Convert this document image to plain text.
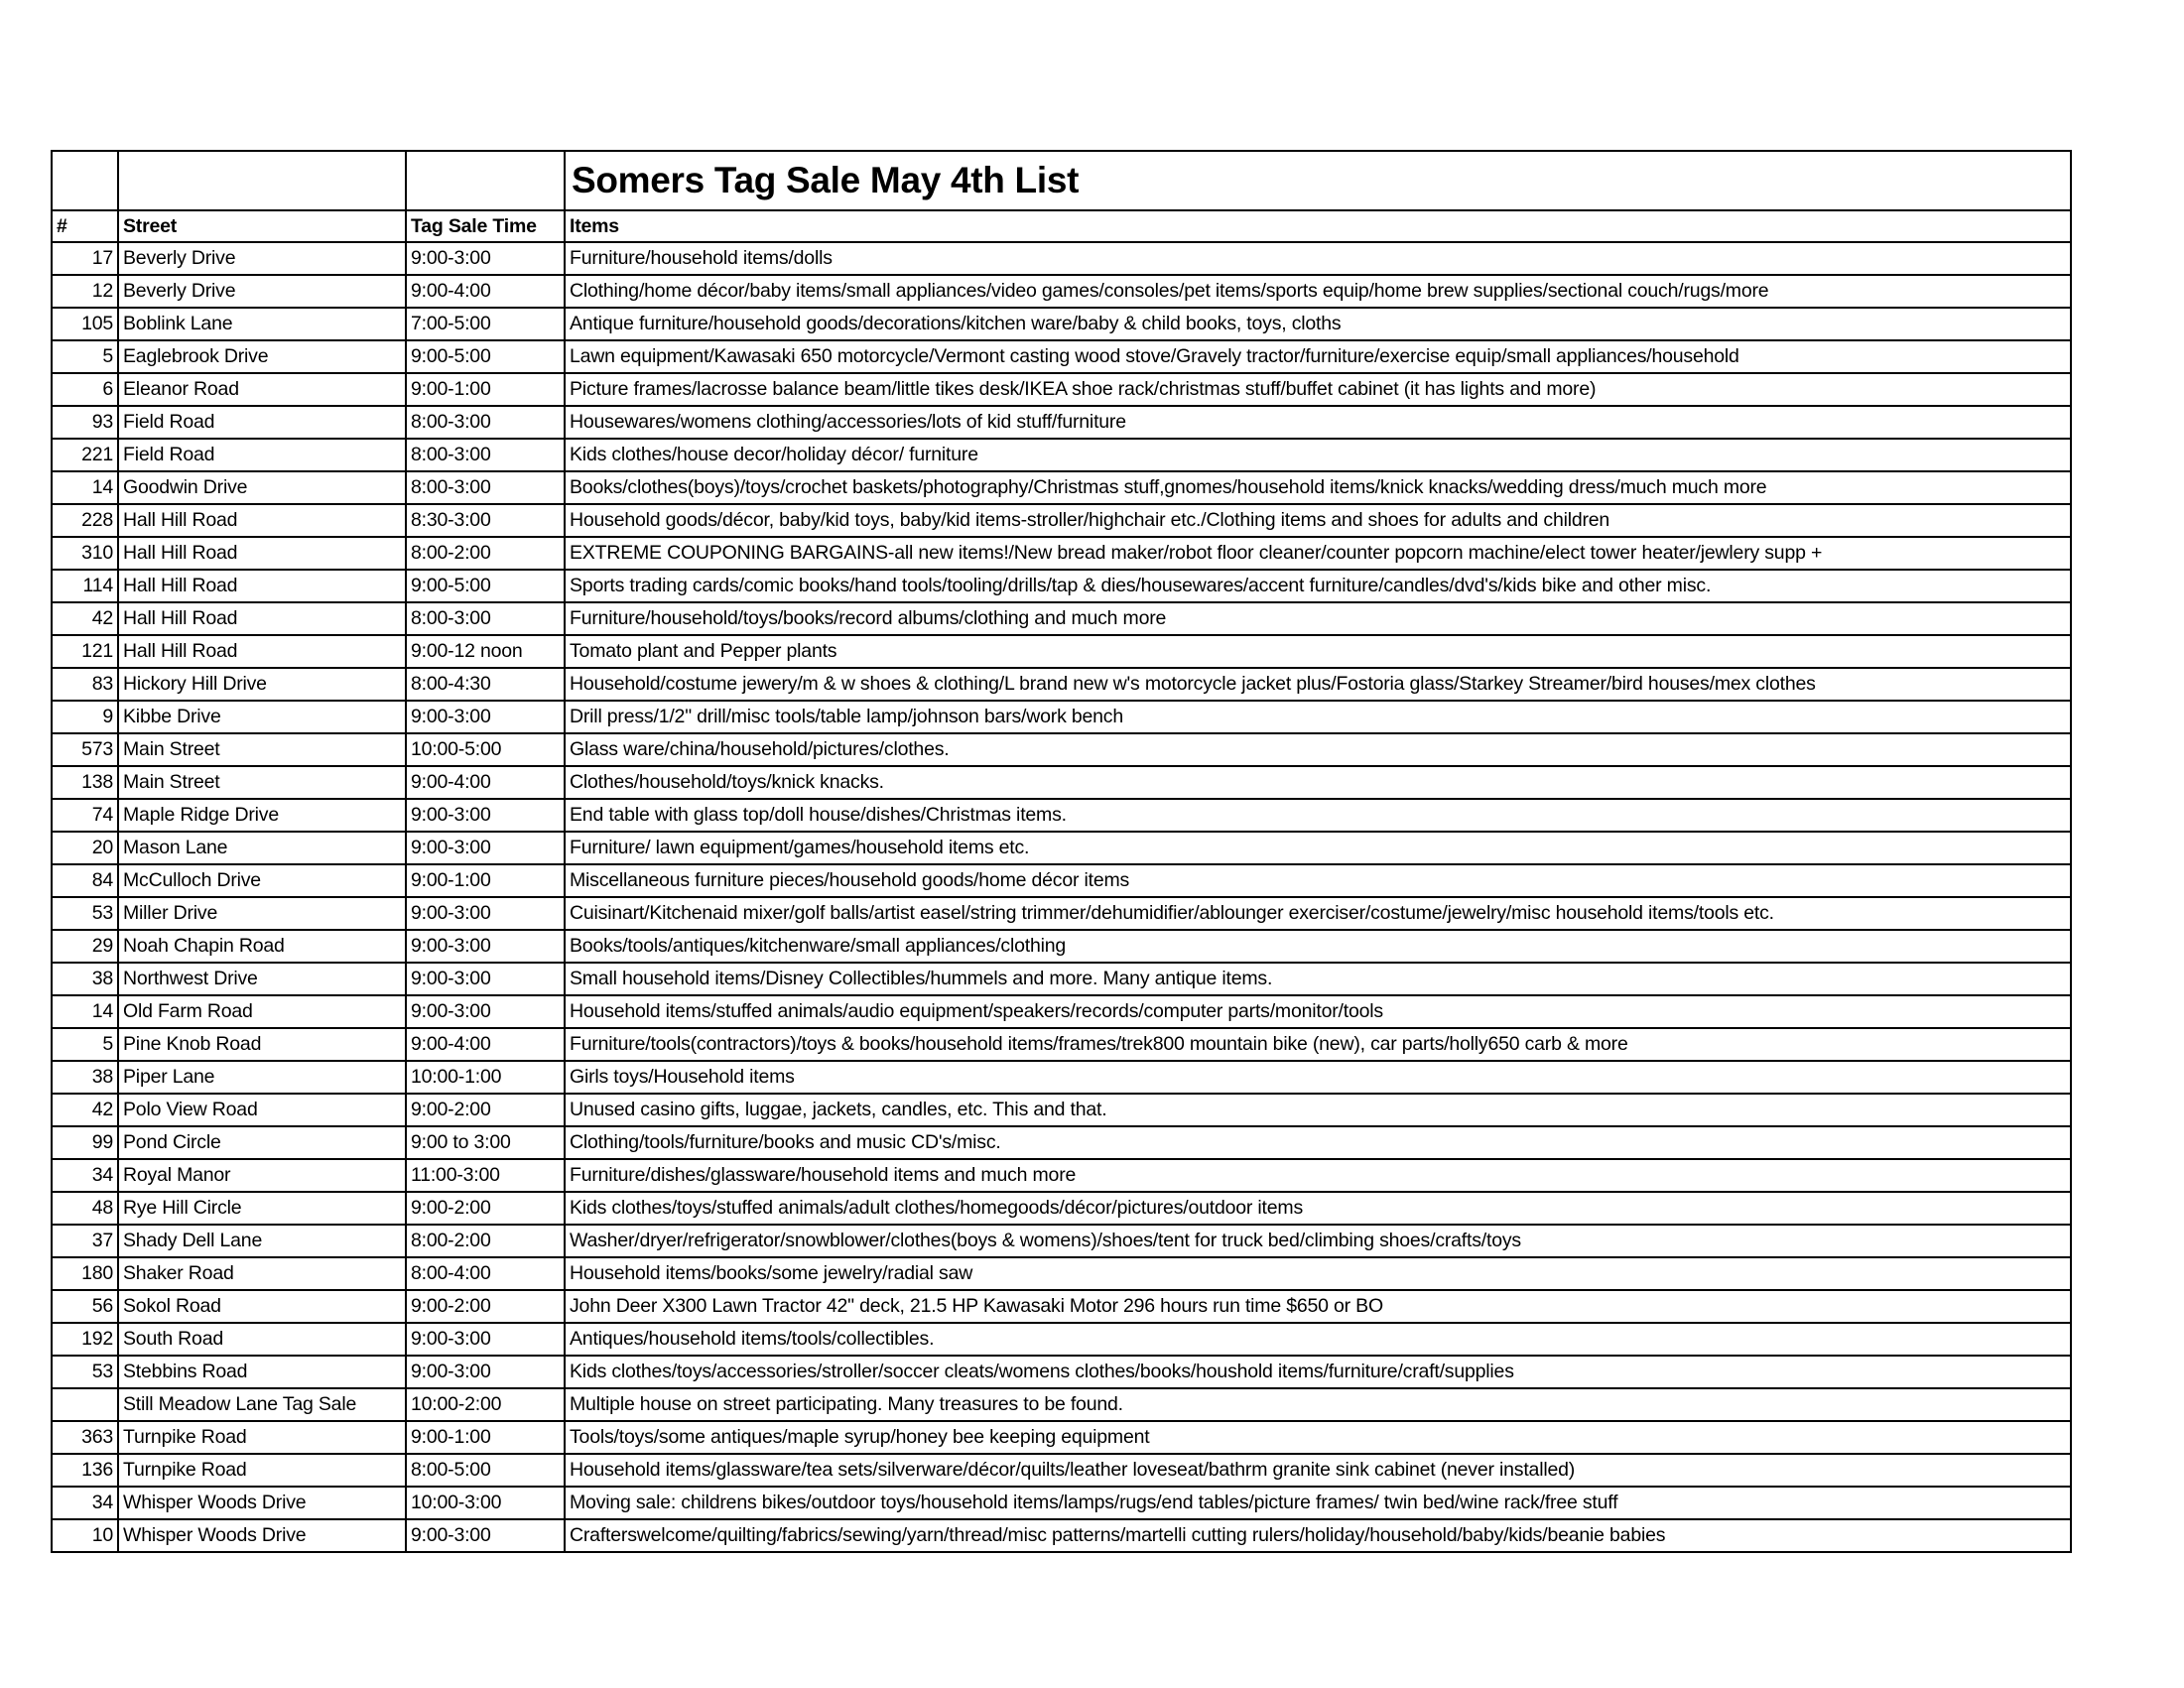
			Somers Tag Sale May 4th List
#	Street	Tag Sale Time	Items
17	Beverly Drive	9:00-3:00	Furniture/household items/dolls
12	Beverly Drive	9:00-4:00	Clothing/home décor/baby items/small appliances/video games/consoles/pet items/sports equip/home brew supplies/sectional couch/rugs/more
105	Boblink Lane	7:00-5:00	Antique furniture/household goods/decorations/kitchen ware/baby & child books, toys, cloths
5	Eaglebrook Drive	9:00-5:00	Lawn equipment/Kawasaki 650 motorcycle/Vermont casting wood stove/Gravely tractor/furniture/exercise equip/small appliances/household
6	Eleanor Road	9:00-1:00	Picture frames/lacrosse balance beam/little tikes desk/IKEA shoe rack/christmas stuff/buffet cabinet (it has lights and more)
93	Field Road	8:00-3:00	Housewares/womens clothing/accessories/lots of kid stuff/furniture
221	Field Road	8:00-3:00	Kids clothes/house decor/holiday décor/ furniture
14	Goodwin Drive	8:00-3:00	Books/clothes(boys)/toys/crochet baskets/photography/Christmas stuff,gnomes/household items/knick knacks/wedding dress/much much more
228	Hall Hill Road	8:30-3:00	Household goods/décor, baby/kid toys, baby/kid items-stroller/highchair etc./Clothing items and shoes for adults and children
310	Hall Hill Road	8:00-2:00	EXTREME COUPONING BARGAINS-all new items!/New bread maker/robot floor cleaner/counter popcorn machine/elect tower heater/jewlery supp +
114	Hall Hill Road	9:00-5:00	Sports trading cards/comic books/hand tools/tooling/drills/tap & dies/housewares/accent furniture/candles/dvd's/kids bike and other misc.
42	Hall Hill Road	8:00-3:00	Furniture/household/toys/books/record albums/clothing and much more
121	Hall Hill Road	9:00-12 noon	Tomato plant and Pepper plants
83	Hickory Hill Drive	8:00-4:30	Household/costume jewery/m & w shoes & clothing/L brand new w's motorcycle jacket plus/Fostoria glass/Starkey Streamer/bird houses/mex clothes
9	Kibbe Drive	9:00-3:00	Drill press/1/2" drill/misc tools/table lamp/johnson bars/work bench
573	Main Street	10:00-5:00	Glass ware/china/household/pictures/clothes.
138	Main Street	9:00-4:00	Clothes/household/toys/knick knacks.
74	Maple Ridge Drive	9:00-3:00	End table with glass top/doll house/dishes/Christmas items.
20	Mason Lane	9:00-3:00	Furniture/ lawn equipment/games/household items etc.
84	McCulloch Drive	9:00-1:00	Miscellaneous furniture pieces/household goods/home décor items
53	Miller Drive	9:00-3:00	Cuisinart/Kitchenaid mixer/golf balls/artist easel/string trimmer/dehumidifier/ablounger exerciser/costume/jewelry/misc household items/tools etc.
29	Noah Chapin Road	9:00-3:00	Books/tools/antiques/kitchenware/small appliances/clothing
38	Northwest Drive	9:00-3:00	Small household items/Disney Collectibles/hummels and more. Many antique items.
14	Old Farm Road	9:00-3:00	Household items/stuffed animals/audio equipment/speakers/records/computer parts/monitor/tools
5	Pine Knob Road	9:00-4:00	Furniture/tools(contractors)/toys & books/household items/frames/trek800 mountain bike (new), car parts/holly650 carb & more
38	Piper Lane	10:00-1:00	Girls toys/Household items
42	Polo View Road	9:00-2:00	Unused casino gifts, luggae, jackets, candles, etc. This and that.
99	Pond Circle	9:00 to 3:00	Clothing/tools/furniture/books and music CD's/misc.
34	Royal Manor	11:00-3:00	Furniture/dishes/glassware/household items and much more
48	Rye Hill Circle	9:00-2:00	Kids clothes/toys/stuffed animals/adult clothes/homegoods/décor/pictures/outdoor items
37	Shady Dell Lane	8:00-2:00	Washer/dryer/refrigerator/snowblower/clothes(boys & womens)/shoes/tent for truck bed/climbing shoes/crafts/toys
180	Shaker Road	8:00-4:00	Household items/books/some jewelry/radial saw
56	Sokol Road	9:00-2:00	John Deer X300 Lawn Tractor 42" deck, 21.5 HP Kawasaki Motor 296 hours run time $650 or BO
192	South Road	9:00-3:00	Antiques/household items/tools/collectibles.
53	Stebbins Road	9:00-3:00	Kids clothes/toys/accessories/stroller/soccer cleats/womens clothes/books/houshold items/furniture/craft/supplies
	Still Meadow Lane Tag Sale	10:00-2:00	Multiple house on street participating. Many treasures to be found.
363	Turnpike Road	9:00-1:00	Tools/toys/some antiques/maple syrup/honey bee keeping equipment
136	Turnpike Road	8:00-5:00	Household items/glassware/tea sets/silverware/décor/quilts/leather loveseat/bathrm granite sink cabinet (never installed)
34	Whisper Woods Drive	10:00-3:00	Moving sale: childrens bikes/outdoor toys/household items/lamps/rugs/end tables/picture frames/ twin bed/wine rack/free stuff
10	Whisper Woods Drive	9:00-3:00	Crafterswelcome/quilting/fabrics/sewing/yarn/thread/misc patterns/martelli cutting rulers/holiday/household/baby/kids/beanie babies
